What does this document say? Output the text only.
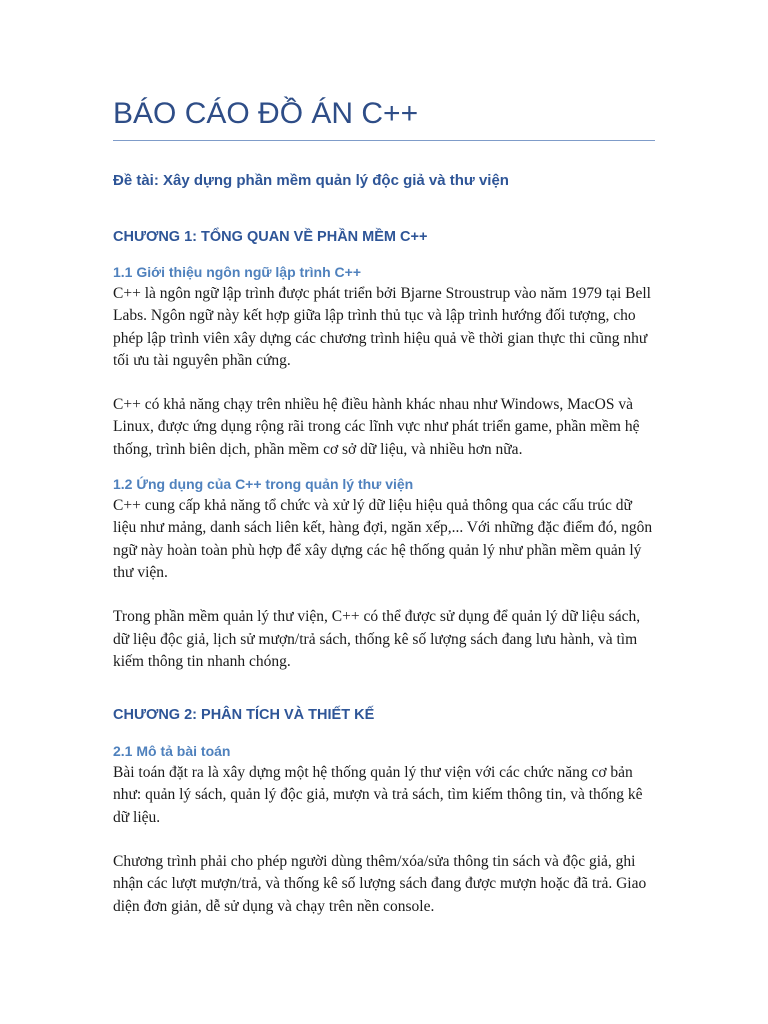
BÁO CÁO ĐỒ ÁN C++
Đề tài: Xây dựng phần mềm quản lý độc giả và thư viện
CHƯƠNG 1: TỔNG QUAN VỀ PHẦN MỀM C++
1.1 Giới thiệu ngôn ngữ lập trình C++

C++ là ngôn ngữ lập trình được phát triển bởi Bjarne Stroustrup vào năm 1979 tại Bell Labs. Ngôn ngữ này kết hợp giữa lập trình thủ tục và lập trình hướng đối tượng, cho phép lập trình viên xây dựng các chương trình hiệu quả về thời gian thực thi cũng như tối ưu tài nguyên phần cứng.

C++ có khả năng chạy trên nhiều hệ điều hành khác nhau như Windows, MacOS và Linux, được ứng dụng rộng rãi trong các lĩnh vực như phát triển game, phần mềm hệ thống, trình biên dịch, phần mềm cơ sở dữ liệu, và nhiều hơn nữa.

1.2 Ứng dụng của C++ trong quản lý thư viện

C++ cung cấp khả năng tổ chức và xử lý dữ liệu hiệu quả thông qua các cấu trúc dữ liệu như mảng, danh sách liên kết, hàng đợi, ngăn xếp,... Với những đặc điểm đó, ngôn ngữ này hoàn toàn phù hợp để xây dựng các hệ thống quản lý như phần mềm quản lý thư viện.

Trong phần mềm quản lý thư viện, C++ có thể được sử dụng để quản lý dữ liệu sách, dữ liệu độc giả, lịch sử mượn/trả sách, thống kê số lượng sách đang lưu hành, và tìm kiếm thông tin nhanh chóng.

CHƯƠNG 2: PHÂN TÍCH VÀ THIẾT KẾ
2.1 Mô tả bài toán

Bài toán đặt ra là xây dựng một hệ thống quản lý thư viện với các chức năng cơ bản như: quản lý sách, quản lý độc giả, mượn và trả sách, tìm kiếm thông tin, và thống kê dữ liệu.

Chương trình phải cho phép người dùng thêm/xóa/sửa thông tin sách và độc giả, ghi nhận các lượt mượn/trả, và thống kê số lượng sách đang được mượn hoặc đã trả. Giao diện đơn giản, dễ sử dụng và chạy trên nền console.
